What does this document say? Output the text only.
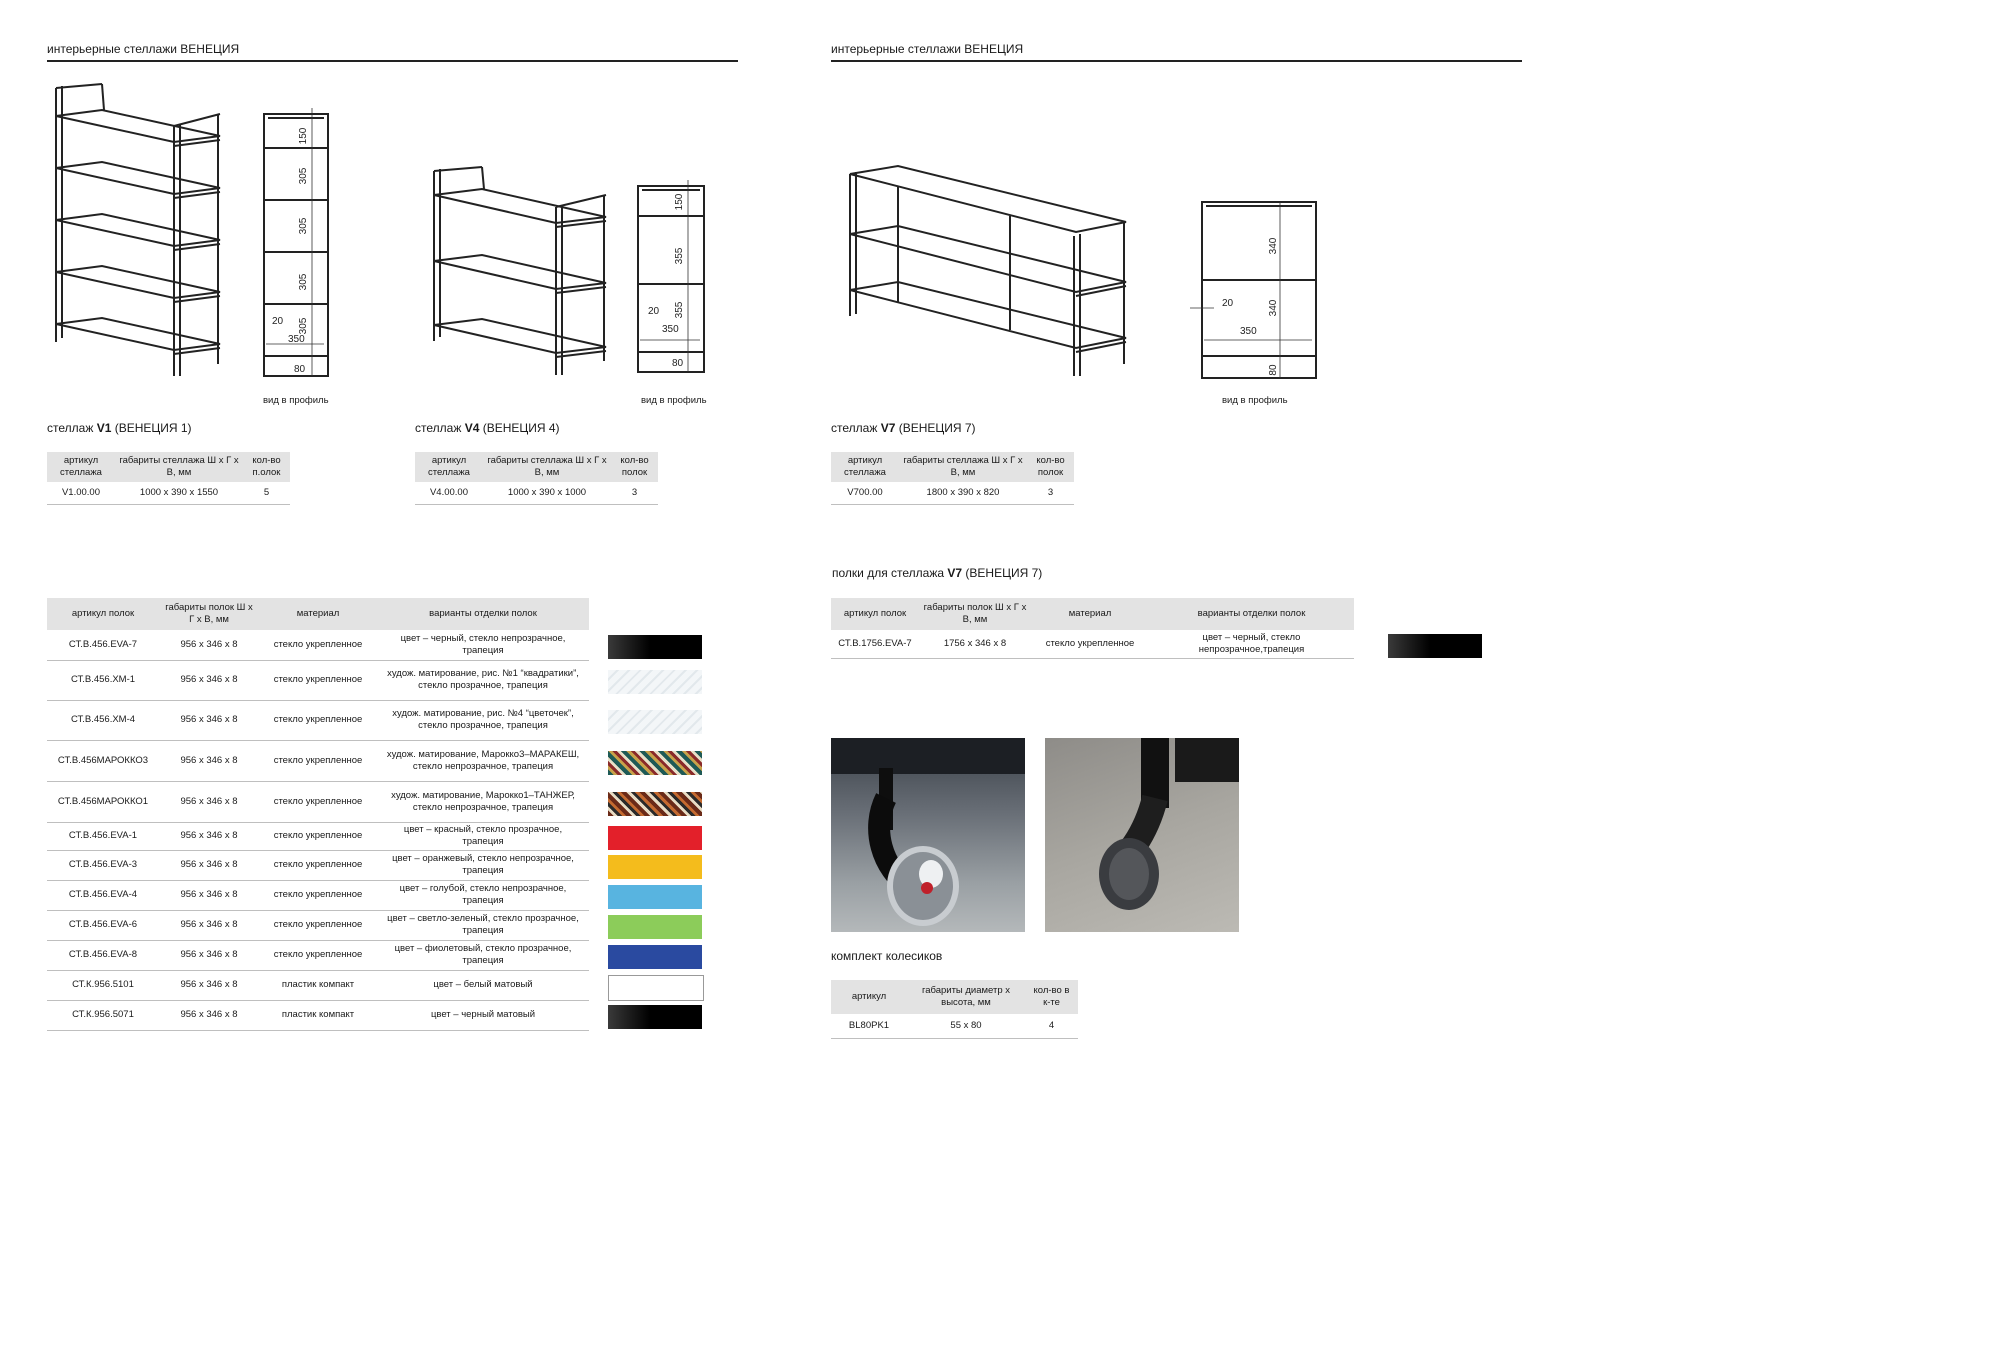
интерьерные стеллажи ВЕНЕЦИЯ
150
305
305
305
305
20
350
80
вид в профиль
150
355
355
20
350
80
вид в профиль
стеллаж V1 (ВЕНЕЦИЯ 1)
артикул стеллажа	габариты стеллажа Ш х Г х В, мм	кол-во п.олок
V1.00.00	1000 х 390 х 1550	5
стеллаж V4 (ВЕНЕЦИЯ 4)
артикул стеллажа	габариты стеллажа Ш х Г х В, мм	кол-во полок
V4.00.00	1000 х 390 х 1000	3
артикул полок	габариты полок Ш х Г х В, мм	материал	варианты отделки полок
СТ.В.456.EVA-7	956 х 346 х 8	стекло укрепленное	цвет – черный, стекло непрозрачное, трапеция
СТ.В.456.ХМ-1	956 х 346 х 8	стекло укрепленное	худож. матирование, рис. №1 “квадратики”, стекло прозрачное, трапеция
СТ.В.456.ХМ-4	956 х 346 х 8	стекло укрепленное	худож. матирование, рис. №4 “цветочек”, стекло прозрачное, трапеция
СТ.В.456МАРОККО3	956 х 346 х 8	стекло укрепленное	худож. матирование, Марокко3–МАРАКЕШ, стекло непрозрачное, трапеция
СТ.В.456МАРОККО1	956 х 346 х 8	стекло укрепленное	худож. матирование, Марокко1–ТАНЖЕР, стекло непрозрачное, трапеция
СТ.В.456.EVA-1	956 х 346 х 8	стекло укрепленное	цвет – красный, стекло прозрачное, трапеция
СТ.В.456.EVA-3	956 х 346 х 8	стекло укрепленное	цвет – оранжевый, стекло непрозрачное, трапеция
СТ.В.456.EVA-4	956 х 346 х 8	стекло укрепленное	цвет – голубой, стекло непрозрачное, трапеция
СТ.В.456.EVA-6	956 х 346 х 8	стекло укрепленное	цвет – светло-зеленый, стекло прозрачное, трапеция
СТ.В.456.EVA-8	956 х 346 х 8	стекло укрепленное	цвет – фиолетовый, стекло прозрачное, трапеция
СТ.К.956.5101	956 х 346 х 8	пластик компакт	цвет – белый матовый
СТ.К.956.5071	956 х 346 х 8	пластик компакт	цвет – черный матовый
интерьерные стеллажи ВЕНЕЦИЯ
340
340
20
350
80
вид в профиль
стеллаж V7 (ВЕНЕЦИЯ 7)
артикул стеллажа	габариты стеллажа Ш х Г х В, мм	кол-во полок
V700.00	1800 х 390 х 820	3
полки для стеллажа V7 (ВЕНЕЦИЯ 7)
артикул полок	габариты полок Ш х Г х В, мм	материал	варианты отделки полок
СТ.В.1756.EVA-7	1756 х 346 х 8	стекло укрепленное	цвет – черный, стекло непрозрачное,трапеция
комплект колесиков
артикул	габариты диаметр х высота, мм	кол-во в к-те
BL80PK1	55 х 80	4
